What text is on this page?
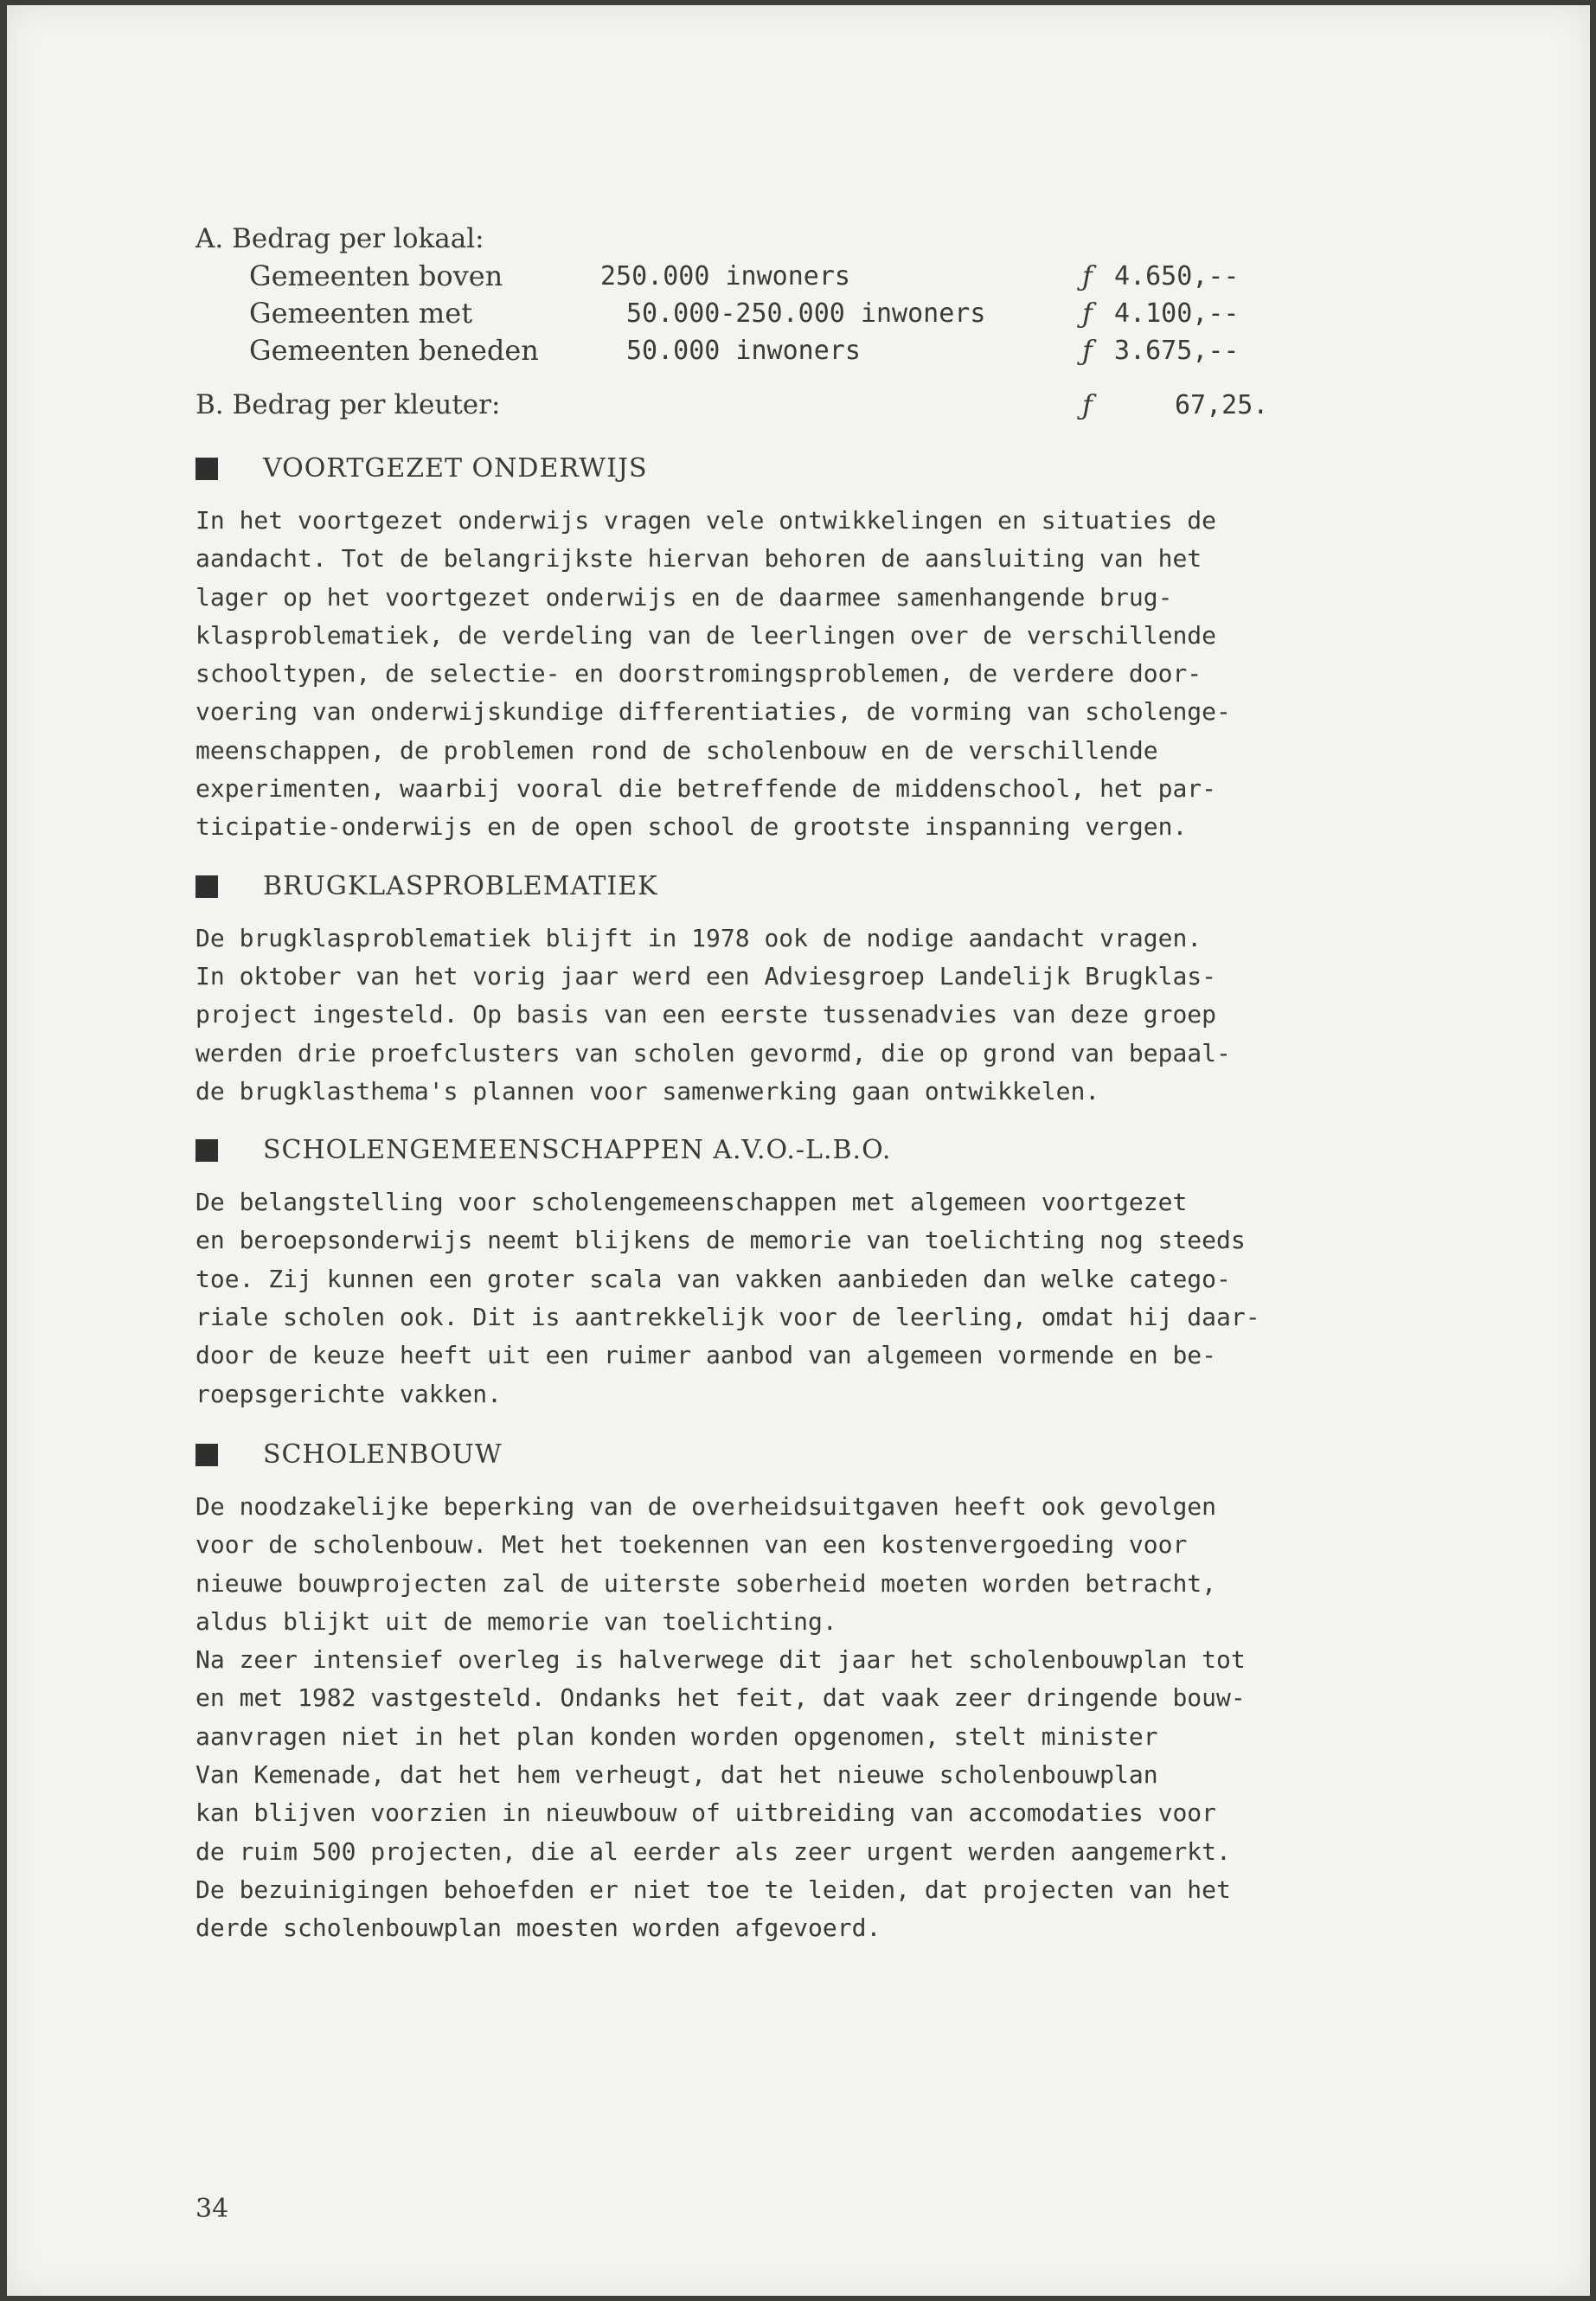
A. Bedrag per lokaal:
Gemeenten boven	250.000 inwoners	ƒ 4.650,--
Gemeenten met	50.000-250.000 inwoners	ƒ 4.100,--
Gemeenten beneden	50.000 inwoners	ƒ 3.675,--
B. Bedrag per kleuter:	ƒ	67,25.
VOORTGEZET ONDERWIJS
In het voortgezet onderwijs vragen vele ontwikkelingen en situaties de
aandacht. Tot de belangrijkste hiervan behoren de aansluiting van het
lager op het voortgezet onderwijs en de daarmee samenhangende brug-
klasproblematiek, de verdeling van de leerlingen over de verschillende
schooltypen, de selectie- en doorstromingsproblemen, de verdere door-
voering van onderwijskundige differentiaties, de vorming van scholenge-
meenschappen, de problemen rond de scholenbouw en de verschillende
experimenten, waarbij vooral die betreffende de middenschool, het par-
ticipatie-onderwijs en de open school de grootste inspanning vergen.
BRUGKLASPROBLEMATIEK
De brugklasproblematiek blijft in 1978 ook de nodige aandacht vragen.
In oktober van het vorig jaar werd een Adviesgroep Landelijk Brugklas-
project ingesteld. Op basis van een eerste tussenadvies van deze groep
werden drie proefclusters van scholen gevormd, die op grond van bepaal-
de brugklasthema's plannen voor samenwerking gaan ontwikkelen.
SCHOLENGEMEENSCHAPPEN A.V.O.-L.B.O.
De belangstelling voor scholengemeenschappen met algemeen voortgezet
en beroepsonderwijs neemt blijkens de memorie van toelichting nog steeds
toe. Zij kunnen een groter scala van vakken aanbieden dan welke catego-
riale scholen ook. Dit is aantrekkelijk voor de leerling, omdat hij daar-
door de keuze heeft uit een ruimer aanbod van algemeen vormende en be-
roepsgerichte vakken.
SCHOLENBOUW
De noodzakelijke beperking van de overheidsuitgaven heeft ook gevolgen
voor de scholenbouw. Met het toekennen van een kostenvergoeding voor
nieuwe bouwprojecten zal de uiterste soberheid moeten worden betracht,
aldus blijkt uit de memorie van toelichting.
Na zeer intensief overleg is halverwege dit jaar het scholenbouwplan tot
en met 1982 vastgesteld. Ondanks het feit, dat vaak zeer dringende bouw-
aanvragen niet in het plan konden worden opgenomen, stelt minister
Van Kemenade, dat het hem verheugt, dat het nieuwe scholenbouwplan
kan blijven voorzien in nieuwbouw of uitbreiding van accomodaties voor
de ruim 500 projecten, die al eerder als zeer urgent werden aangemerkt.
De bezuinigingen behoefden er niet toe te leiden, dat projecten van het
derde scholenbouwplan moesten worden afgevoerd.
34
